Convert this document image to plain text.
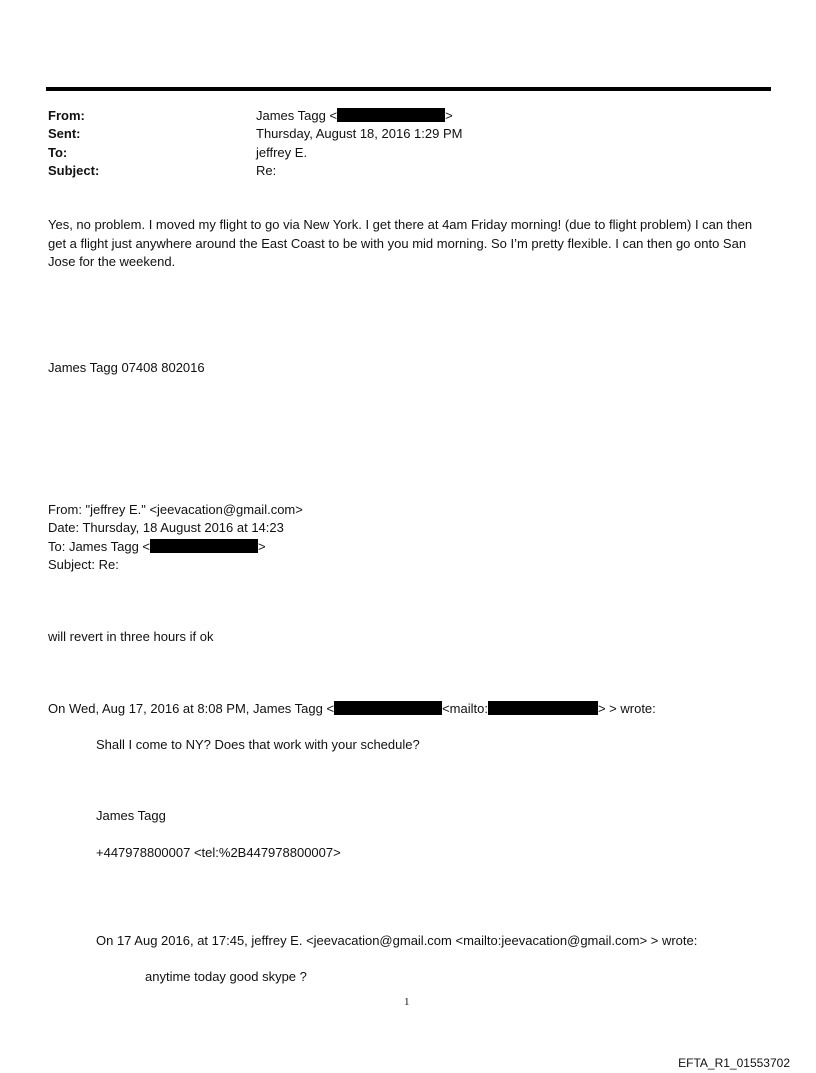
From:	James Tagg <	>
Sent:	Thursday, August 18, 2016 1:29 PM
To:	jeffrey E.
Subject:	Re:
Yes, no problem. I moved my flight to go via New York. I get there at 4am Friday morning! (due to flight problem) I can then get a flight just anywhere around the East Coast to be with you mid morning. So I’m pretty flexible. I can then go onto San Jose for the weekend.
James Tagg 07408 802016
From: "jeffrey E." <jeevacation@gmail.com>
Date: Thursday, 18 August 2016 at 14:23
To: James Tagg <	>
Subject: Re:
will revert in three hours if ok
On Wed, Aug 17, 2016 at 8:08 PM, James Tagg <	<mailto:	> > wrote:
Shall I come to NY? Does that work with your schedule?
James Tagg
+447978800007 <tel:%2B447978800007>
On 17 Aug 2016, at 17:45, jeffrey E. <jeevacation@gmail.com <mailto:jeevacation@gmail.com> > wrote:
anytime today good skype ?
1
EFTA_R1_01553702
